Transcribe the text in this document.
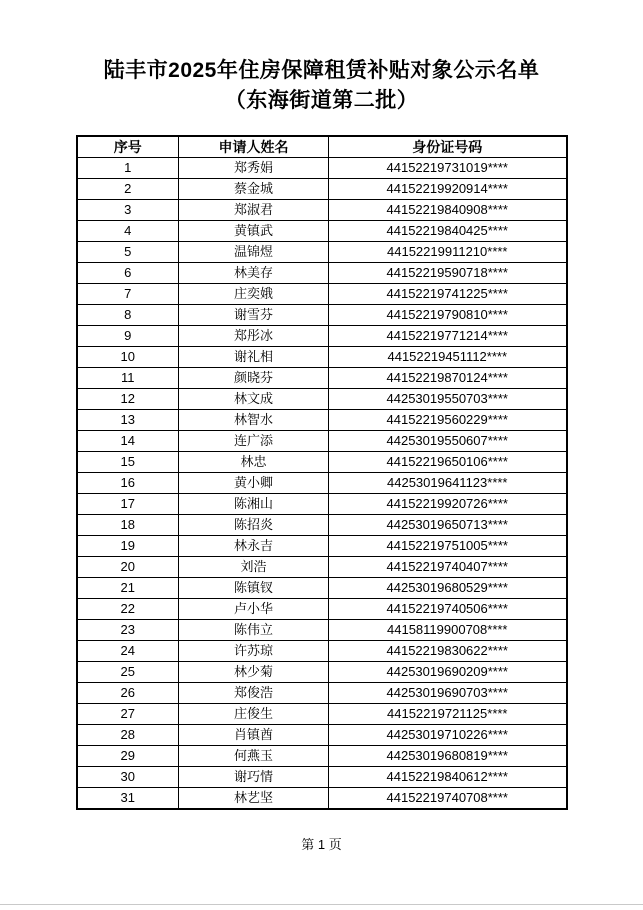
陆丰市2025年住房保障租赁补贴对象公示名单
（东海街道第二批）
序号	申请人姓名	身份证号码
1	郑秀娟	44152219731019****
2	蔡金城	44152219920914****
3	郑淑君	44152219840908****
4	黄镇武	44152219840425****
5	温锦煜	44152219911210****
6	林美存	44152219590718****
7	庄奕娥	44152219741225****
8	谢雪芬	44152219790810****
9	郑彤冰	44152219771214****
10	谢礼相	44152219451112****
11	颜晓芬	44152219870124****
12	林文成	44253019550703****
13	林智水	44152219560229****
14	连广添	44253019550607****
15	林忠	44152219650106****
16	黄小卿	44253019641123****
17	陈湘山	44152219920726****
18	陈招炎	44253019650713****
19	林永吉	44152219751005****
20	刘浩	44152219740407****
21	陈镇钗	44253019680529****
22	卢小华	44152219740506****
23	陈伟立	44158119900708****
24	许苏琼	44152219830622****
25	林少菊	44253019690209****
26	郑俊浩	44253019690703****
27	庄俊生	44152219721125****
28	肖镇酋	44253019710226****
29	何燕玉	44253019680819****
30	谢巧情	44152219840612****
31	林艺坚	44152219740708****
第 1 页
